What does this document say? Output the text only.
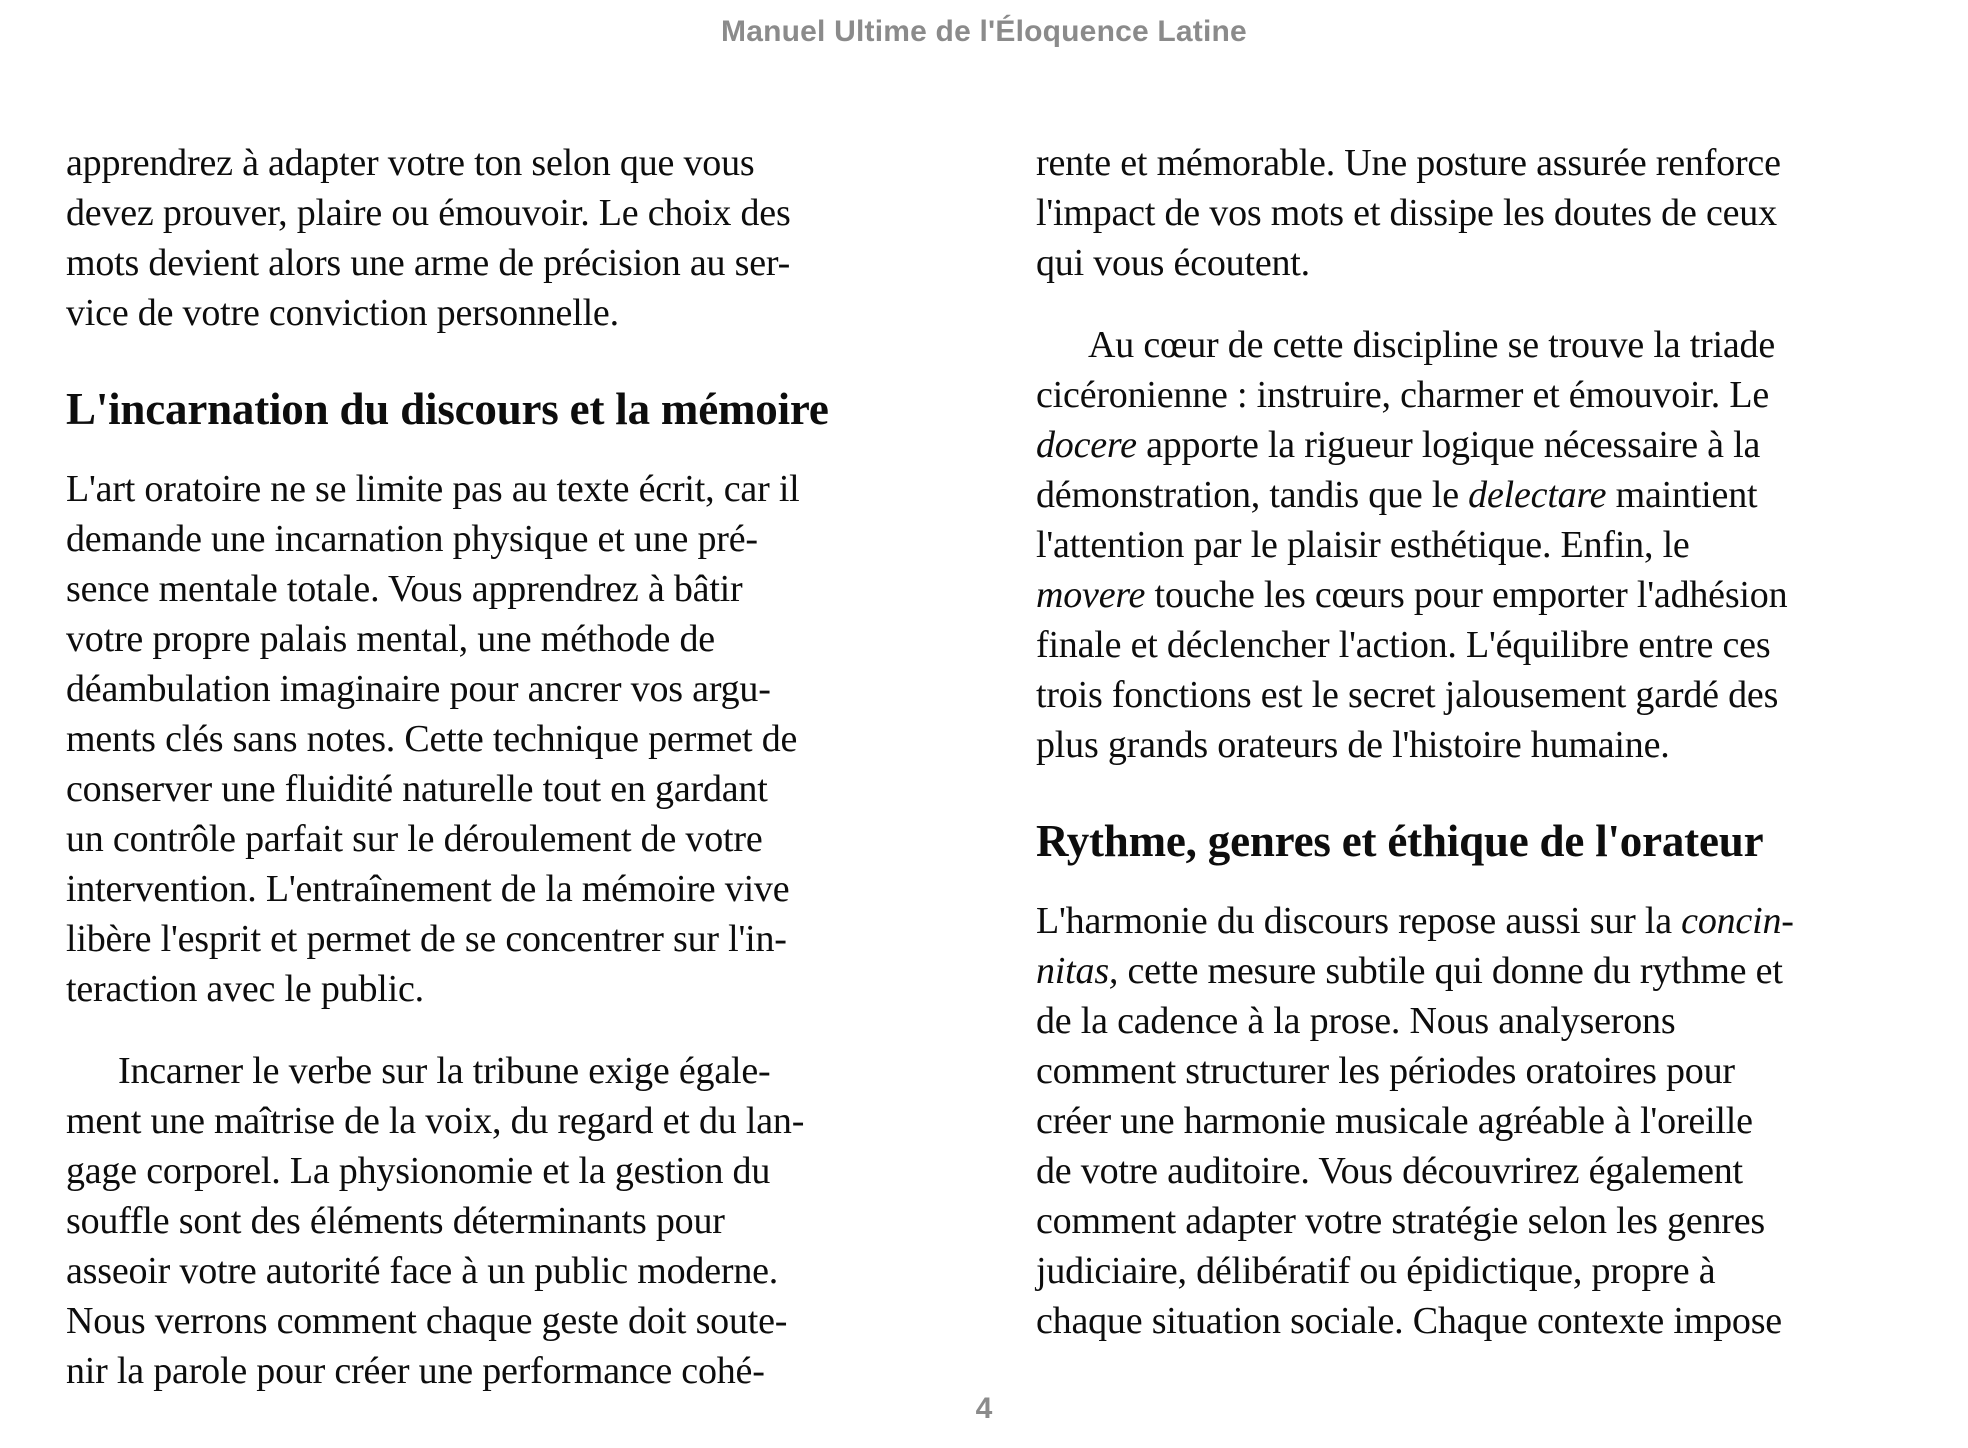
Manuel Ultime de l'Éloquence Latine
apprendrez à adapter votre ton selon que vous
devez prouver, plaire ou émouvoir. Le choix des
mots devient alors une arme de précision au ser-
vice de votre conviction personnelle.
L'incarnation du discours et la mémoire
L'art oratoire ne se limite pas au texte écrit, car il
demande une incarnation physique et une pré-
sence mentale totale. Vous apprendrez à bâtir
votre propre palais mental, une méthode de
déambulation imaginaire pour ancrer vos argu-
ments clés sans notes. Cette technique permet de
conserver une fluidité naturelle tout en gardant
un contrôle parfait sur le déroulement de votre
intervention. L'entraînement de la mémoire vive
libère l'esprit et permet de se concentrer sur l'in-
teraction avec le public.
Incarner le verbe sur la tribune exige égale-
ment une maîtrise de la voix, du regard et du lan-
gage corporel. La physionomie et la gestion du
souffle sont des éléments déterminants pour
asseoir votre autorité face à un public moderne.
Nous verrons comment chaque geste doit soute-
nir la parole pour créer une performance cohé-
rente et mémorable. Une posture assurée renforce
l'impact de vos mots et dissipe les doutes de ceux
qui vous écoutent.
Au cœur de cette discipline se trouve la triade
cicéronienne : instruire, charmer et émouvoir. Le
docere apporte la rigueur logique nécessaire à la
démonstration, tandis que le delectare maintient
l'attention par le plaisir esthétique. Enfin, le
movere touche les cœurs pour emporter l'adhésion
finale et déclencher l'action. L'équilibre entre ces
trois fonctions est le secret jalousement gardé des
plus grands orateurs de l'histoire humaine.
Rythme, genres et éthique de l'orateur
L'harmonie du discours repose aussi sur la concin-
nitas, cette mesure subtile qui donne du rythme et
de la cadence à la prose. Nous analyserons
comment structurer les périodes oratoires pour
créer une harmonie musicale agréable à l'oreille
de votre auditoire. Vous découvrirez également
comment adapter votre stratégie selon les genres
judiciaire, délibératif ou épidictique, propre à
chaque situation sociale. Chaque contexte impose
4
